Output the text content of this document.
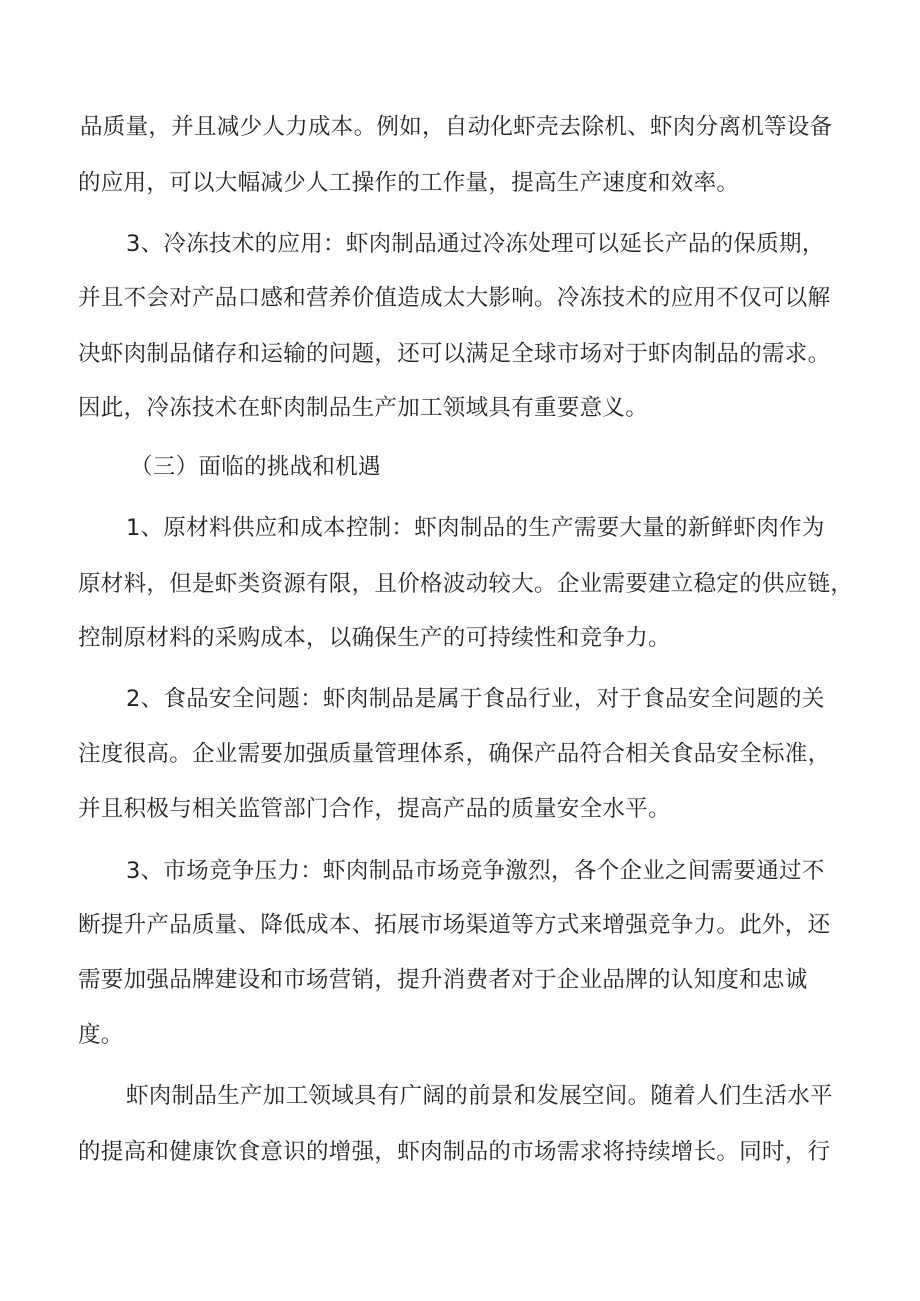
品质量，并且减少人力成本。例如，自动化虾壳去除机、虾肉分离机等设备
的应用，可以大幅减少人工操作的工作量，提高生产速度和效率。
3、冷冻技术的应用：虾肉制品通过冷冻处理可以延长产品的保质期，
并且不会对产品口感和营养价值造成太大影响。冷冻技术的应用不仅可以解
决虾肉制品储存和运输的问题，还可以满足全球市场对于虾肉制品的需求。
因此，冷冻技术在虾肉制品生产加工领域具有重要意义。
（三）面临的挑战和机遇
1、原材料供应和成本控制：虾肉制品的生产需要大量的新鲜虾肉作为
原材料，但是虾类资源有限，且价格波动较大。企业需要建立稳定的供应链，
控制原材料的采购成本，以确保生产的可持续性和竞争力。
2、食品安全问题：虾肉制品是属于食品行业，对于食品安全问题的关
注度很高。企业需要加强质量管理体系，确保产品符合相关食品安全标准，
并且积极与相关监管部门合作，提高产品的质量安全水平。
3、市场竞争压力：虾肉制品市场竞争激烈，各个企业之间需要通过不
断提升产品质量、降低成本、拓展市场渠道等方式来增强竞争力。此外，还
需要加强品牌建设和市场营销，提升消费者对于企业品牌的认知度和忠诚
度。
虾肉制品生产加工领域具有广阔的前景和发展空间。随着人们生活水平
的提高和健康饮食意识的增强，虾肉制品的市场需求将持续增长。同时，行
